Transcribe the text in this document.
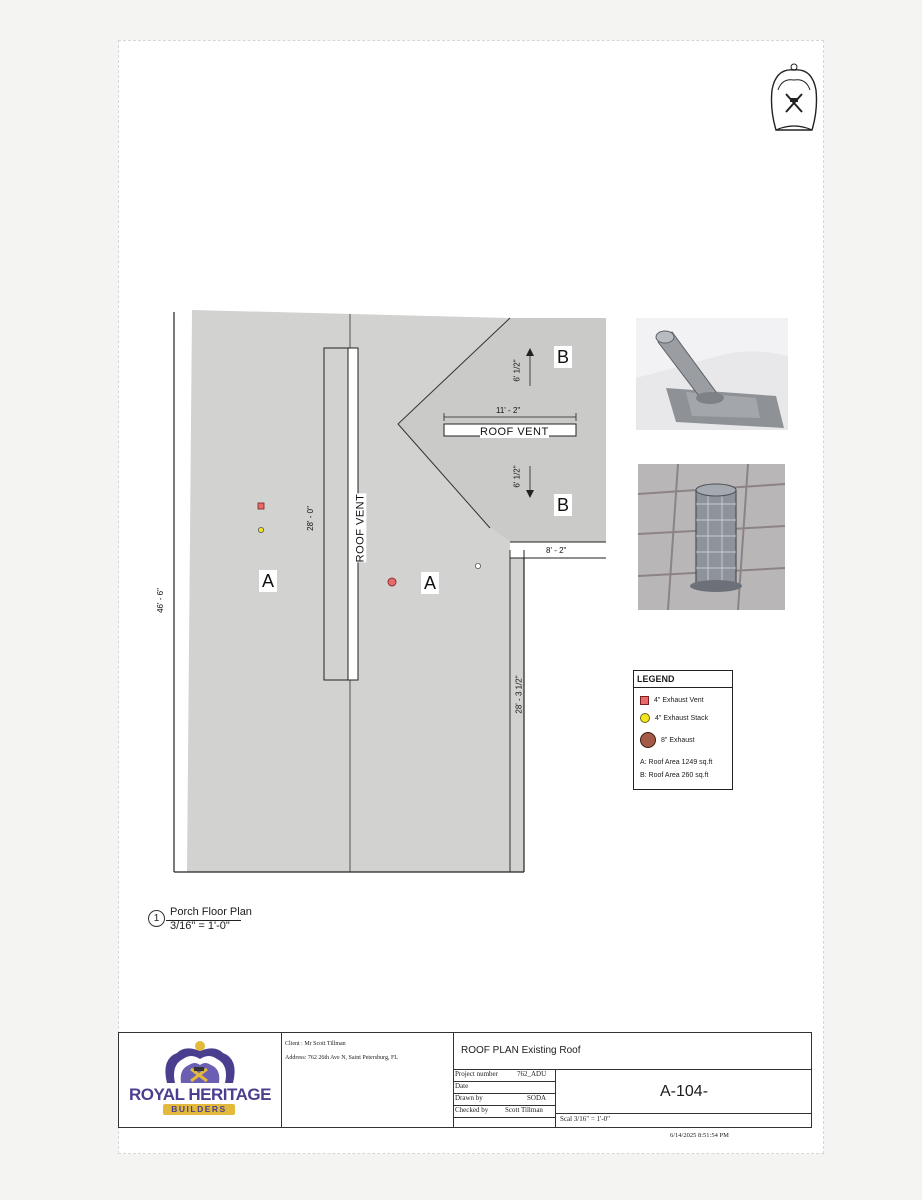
46' - 6"
28' - 0"	ROOF VENT
11' - 2"
ROOF VENT
6' 1/2"
6' 1/2"
8' - 2"
28' - 3 1/2"
A	A
B
B
LEGEND
4" Exhaust Vent
4" Exhaust Stack
8" Exhaust
A: Roof Area 1249 sq.ft
B: Roof Area 260 sq.ft
1
Porch Floor Plan
3/16" = 1'-0"
ROYAL HERITAGE
BUILDERS
Client : Mr Scott Tillman
Address: 762 26th Ave N, Saint Petersburg, FL
ROOF PLAN Existing Roof
Project number	762_ADU
Date
Drawn by	SODA
Checked by Scott Tillman
A-104-
Scal 3/16" = 1'-0"
6/14/2025 8:51:54 PM
